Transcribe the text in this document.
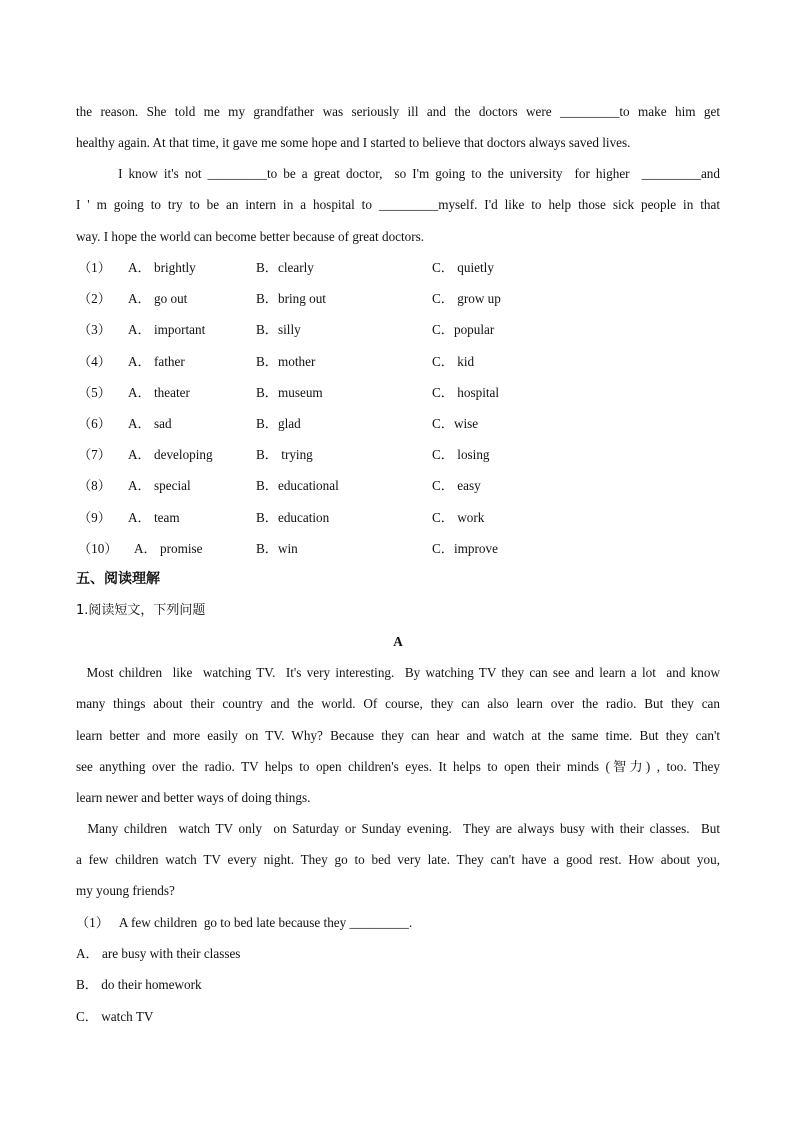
the reason. She told me my grandfather was seriously ill and the doctors were _________to make him get
healthy again. At that time, it gave me some hope and I started to believe that doctors always saved lives.
I know it's not _________to be a great doctor,  so I'm going to the university  for higher  _________and
I ' m going to try to be an intern in a hospital to _________myself. I'd like to help those sick people in that
way. I hope the world can become better because of great doctors.
（1） A． brightly	B．clearly	C． quietly
（2） A． go out	B．bring out	C． grow up
（3） A． important	B．silly	C．popular
（4） A． father	B．mother	C． kid
（5） A． theater	B．museum	C． hospital
（6） A． sad	B．glad	C．wise
（7） A． developing	B． trying	C． losing
（8） A． special	B．educational	C． easy
（9） A． team	B．education	C． work
（10） A． promise	B．win	C．improve
五、阅读理解
1.阅读短文，下列问题
A
Most children  like  watching TV.  It's very interesting.  By watching TV they can see and learn a lot  and know
many things about their country and the world. Of course, they can also learn over the radio. But they can
learn better and more easily on TV. Why? Because they can hear and watch at the same time. But they can't
see anything over the radio. TV helps to open children's eyes. It helps to open their minds (智力) , too. They
learn newer and better ways of doing things.
Many children  watch TV only  on Saturday or Sunday evening.  They are always busy with their classes.  But
a few children watch TV every night. They go to bed very late. They can't have a good rest. How about you,
my young friends?
（1）   A few children  go to bed late because they _________.
A． are busy with their classes
B． do their homework
C． watch TV
